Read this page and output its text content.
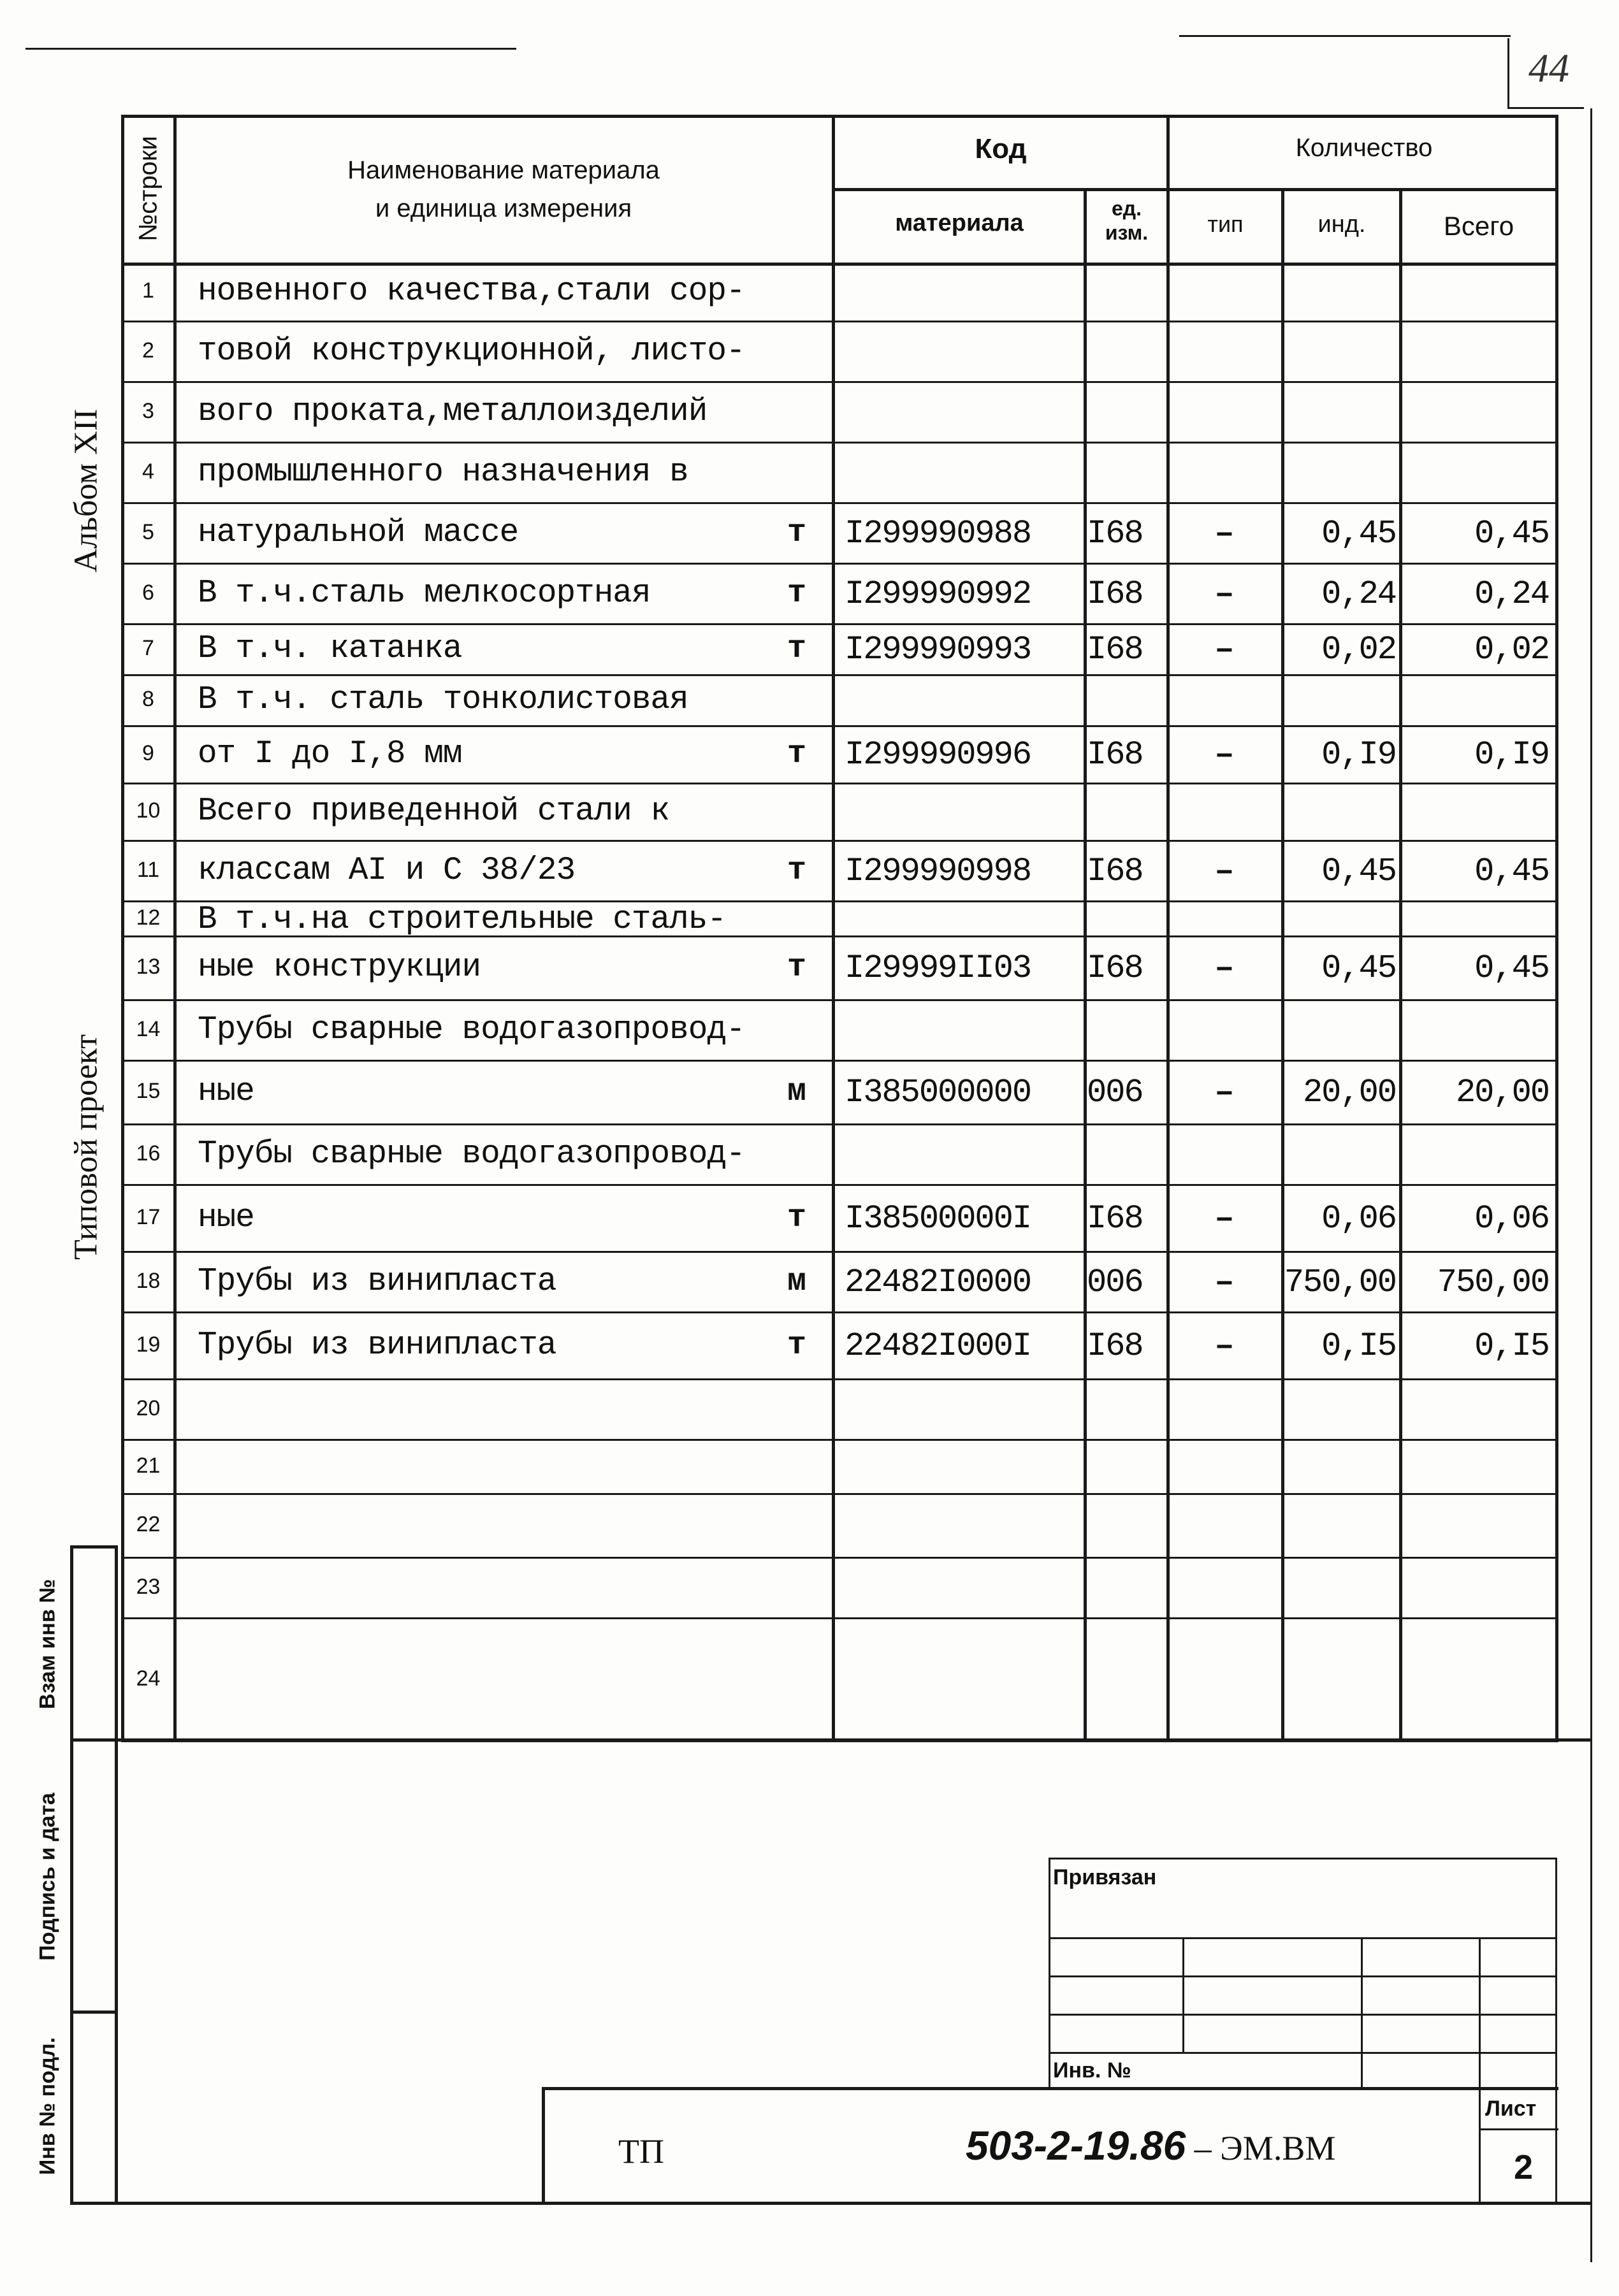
44
Альбом XII
Типовой проект
№строки	Наименование материала
и единица измерения
Код	Количество
материала
ед.
изм.	тип	инд.	Всего
1	новенного качества,стали сор-
2	товой конструкционной, листо-
3	вого проката,металлоизделий
4	промышленного назначения в
5	натуральной массе	т I299990988	I68	–	0,45	0,45
6	В т.ч.сталь мелкосортная	т I299990992	I68	–	0,24	0,24
7	В т.ч. катанка	т I299990993	I68	–	0,02	0,02
8	В т.ч. сталь тонколистовая
9	от I до I,8 мм	т I299990996	I68	–	0,I9	0,I9
10	Всего приведенной стали к
11	классам AI и С 38/23	т I299990998	I68	–	0,45	0,45
12	В т.ч.на строительные сталь-
13	ные конструкции	т I29999II03	I68	–	0,45	0,45
14	Трубы сварные водогазопровод-
15	ные	м I385000000	006	–	20,00	20,00
16	Трубы сварные водогазопровод-
17	ные	т I38500000I	I68	–	0,06	0,06
18	Трубы из винипласта	м 22482I0000	006	–	750,00	750,00
19	Трубы из винипласта	т 22482I000I	I68	–	0,I5	0,I5
20
21
22
23
24
Взам инв №
Подпись и дата
Инв № подл.
Привязан
Инв. №
ТП	503-2-19.86 – ЭМ.ВМ
Лист
2
